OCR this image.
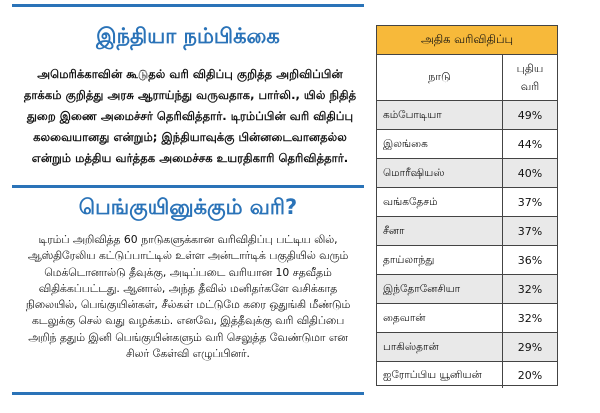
இந்தியா நம்பிக்கை

அமெரிக்காவின் கூடுதல் வரி விதிப்பு குறித்த அறிவிப்பின் தாக்கம் குறித்து அரசு ஆராய்ந்து வருவதாக, பார்லி., யில் நிதித் துறை இணை அமைச்சர் தெரிவித்தார். டிரம்ப்பின் வரி விதிப்பு கலவையானது என்றும்; இந்தியாவுக்கு பின்னடைவானதல்ல என்றும் மத்திய வர்த்தக அமைச்சக உயரதிகாரி தெரிவித்தார்.

பெங்குயினுக்கும் வரி?

டிரம்ப் அறிவித்த 60 நாடுகளுக்கான வரிவிதிப்பு பட்டிய லில், ஆஸ்திரேலிய கட்டுப்பாட்டில் உள்ள அன்டார்டிக் பகுதியில் வரும் மெக்டொனால்டு தீவுக்கு, அடிப்படை வரியான 10 சதவீதம் விதிக்கப்பட்டது. ஆனால், அந்த தீவில் மனிதர்களே வசிக்காத நிலையில், பெங்குயின்கள், சீல்கள் மட்டுமே கரை ஒதுங்கி மீண்டும் கடலுக்கு செல் வது வழக்கம். எனவே, இத்தீவுக்கு வரி விதிப்பை அறிந் ததும் இனி பெங்குயின்களும் வரி செலுத்த வேண்டுமா என சிலர் கேள்வி எழுப்பினர்.

அதிக வரிவிதிப்பு
நாடு
புதிய
வரி
கம்போடியா	49%
இலங்கை	44%
மொரீஷியஸ்	40%
வங்கதேசம்	37%
சீனா	37%
தாய்லாந்து	36%
இந்தோனேசியா	32%
தைவான்	32%
பாகிஸ்தான்	29%
ஐரோப்பிய யூனியன்	20%
